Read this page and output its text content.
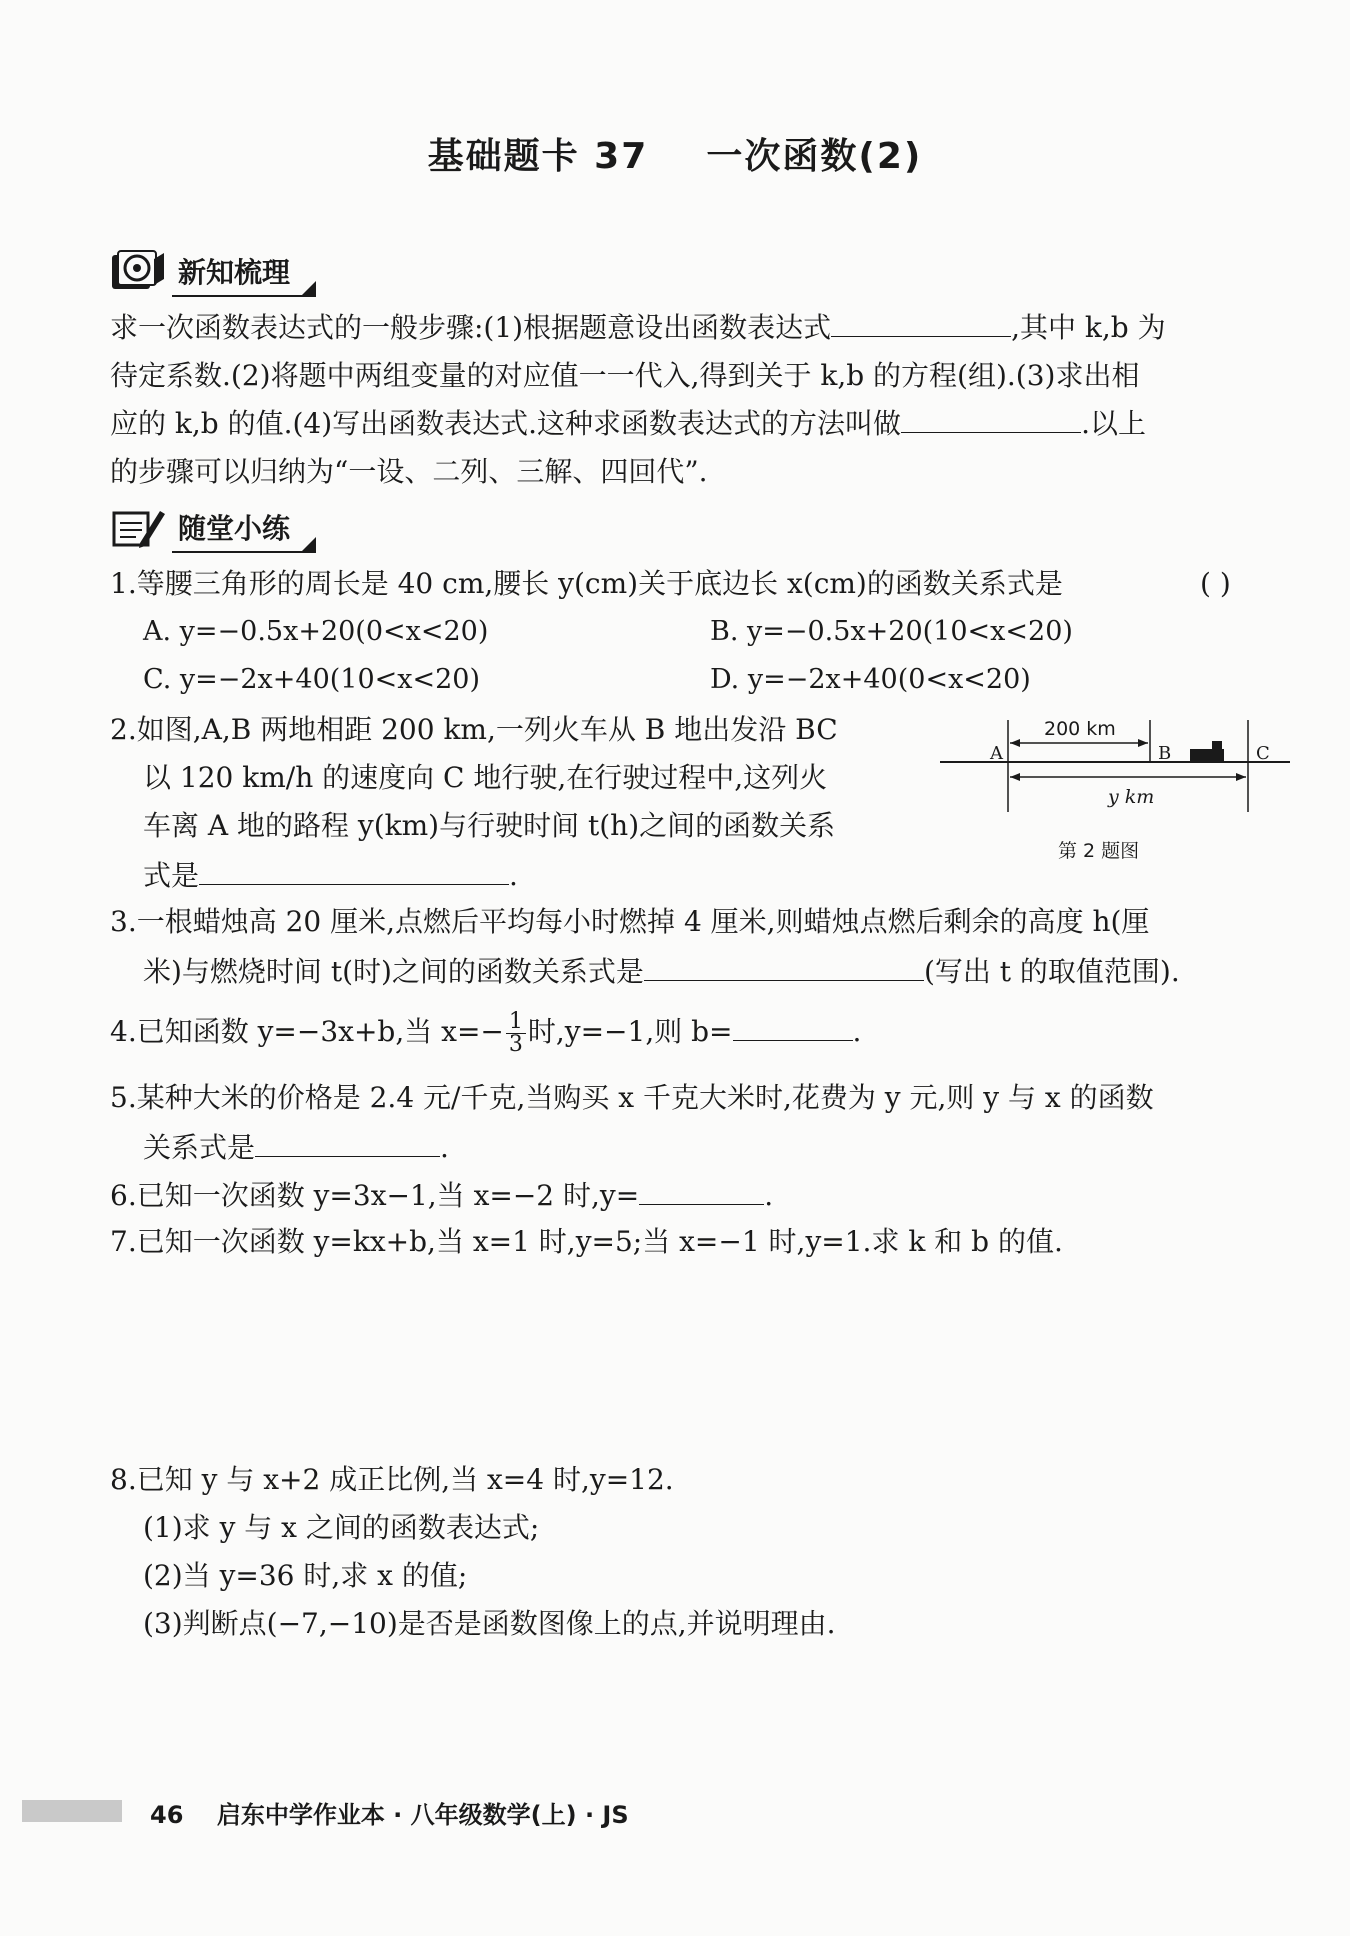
基础题卡 37    一次函数(2)
新知梳理
求一次函数表达式的一般步骤:(1)根据题意设出函数表达式	,其中 k,b 为
待定系数.(2)将题中两组变量的对应值一一代入,得到关于 k,b 的方程(组).(3)求出相
应的 k,b 的值.(4)写出函数表达式.这种求函数表达式的方法叫做	.以上
的步骤可以归纳为“一设、二列、三解、四回代”.
随堂小练
1.等腰三角形的周长是 40 cm,腰长 y(cm)关于底边长 x(cm)的函数关系式是	( )
A. y=−0.5x+20(0<x<20)	B. y=−0.5x+20(10<x<20)
C. y=−2x+40(10<x<20)	D. y=−2x+40(0<x<20)
2.如图,A,B 两地相距 200 km,一列火车从 B 地出发沿 BC
以 120 km/h 的速度向 C 地行驶,在行驶过程中,这列火
车离 A 地的路程 y(km)与行驶时间 t(h)之间的函数关系
式是	.
A	B	C
200 km
y km
第 2 题图
3.一根蜡烛高 20 厘米,点燃后平均每小时燃掉 4 厘米,则蜡烛点燃后剩余的高度 h(厘
米)与燃烧时间 t(时)之间的函数关系式是	(写出 t 的取值范围).
4.已知函数 y=−3x+b,当 $x=- \frac{1}{3}$ 时,y=−1,则 b=	.
5.某种大米的价格是 2.4 元/千克,当购买 x 千克大米时,花费为 y 元,则 y 与 x 的函数
关系式是	.
6.已知一次函数 y=3x−1,当 x=−2 时,y=	.
7.已知一次函数 y=kx+b,当 x=1 时,y=5;当 x=−1 时,y=1.求 k 和 b 的值.
8.已知 y 与 x+2 成正比例,当 x=4 时,y=12.
(1)求 y 与 x 之间的函数表达式;
(2)当 y=36 时,求 x 的值;
(3)判断点(−7,−10)是否是函数图像上的点,并说明理由.
46 启东中学作业本 · 八年级数学(上) · JS
